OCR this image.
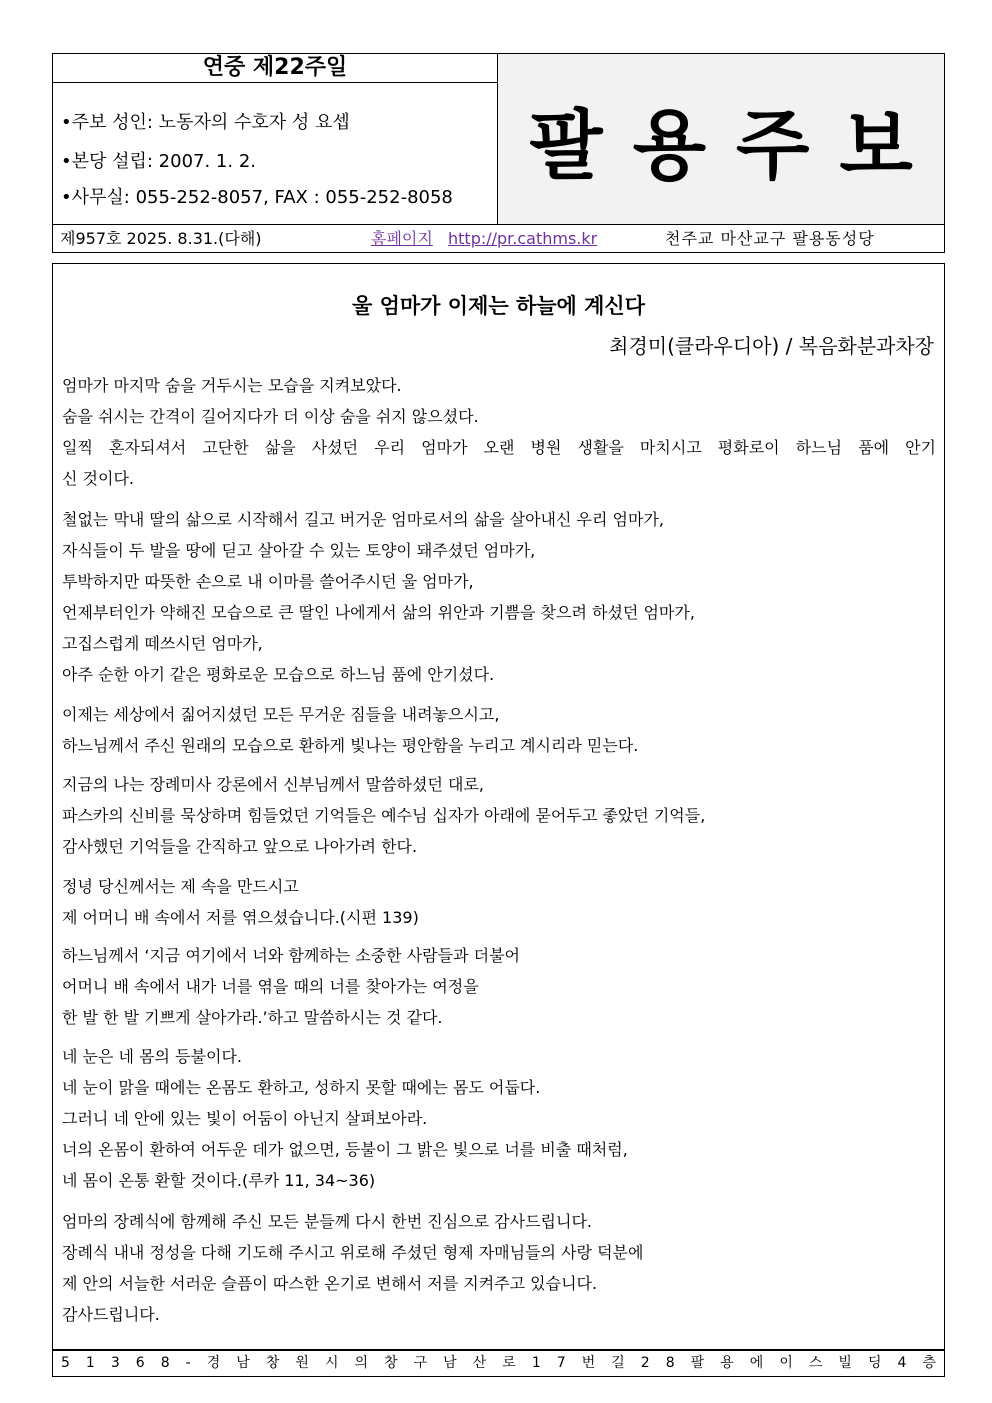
연중 제22주일
•주보 성인: 노동자의 수호자 성 요셉
•본당 설립: 2007. 1. 2.
•사무실: 055-252-8057, FAX : 055-252-8058
팔용주보
제957호 2025. 8.31.(다해)	홈페이지 http://pr.cathms.kr	천주교 마산교구 팔용동성당
울 엄마가 이제는 하늘에 계신다
최경미(클라우디아) / 복음화분과차장
엄마가 마지막 숨을 거두시는 모습을 지켜보았다.
숨을 쉬시는 간격이 길어지다가 더 이상 숨을 쉬지 않으셨다.
일찍 혼자되셔서 고단한 삶을 사셨던 우리 엄마가 오랜 병원 생활을 마치시고 평화로이 하느님 품에 안기
신 것이다.
철없는 막내 딸의 삶으로 시작해서 길고 버거운 엄마로서의 삶을 살아내신 우리 엄마가,
자식들이 두 발을 땅에 딛고 살아갈 수 있는 토양이 돼주셨던 엄마가,
투박하지만 따뜻한 손으로 내 이마를 쓸어주시던 울 엄마가,
언제부터인가 약해진 모습으로 큰 딸인 나에게서 삶의 위안과 기쁨을 찾으려 하셨던 엄마가,
고집스럽게 떼쓰시던 엄마가,
아주 순한 아기 같은 평화로운 모습으로 하느님 품에 안기셨다.
이제는 세상에서 짊어지셨던 모든 무거운 짐들을 내려놓으시고,
하느님께서 주신 원래의 모습으로 환하게 빛나는 평안함을 누리고 계시리라 믿는다.
지금의 나는 장례미사 강론에서 신부님께서 말씀하셨던 대로,
파스카의 신비를 묵상하며 힘들었던 기억들은 예수님 십자가 아래에 묻어두고 좋았던 기억들,
감사했던 기억들을 간직하고 앞으로 나아가려 한다.
정녕 당신께서는 제 속을 만드시고
제 어머니 배 속에서 저를 엮으셨습니다.(시편 139)
하느님께서 ‘지금 여기에서 너와 함께하는 소중한 사람들과 더불어
어머니 배 속에서 내가 너를 엮을 때의 너를 찾아가는 여정을
한 발 한 발 기쁘게 살아가라.’하고 말씀하시는 것 같다.
네 눈은 네 몸의 등불이다.
네 눈이 맑을 때에는 온몸도 환하고, 성하지 못할 때에는 몸도 어둡다.
그러니 네 안에 있는 빛이 어둠이 아닌지 살펴보아라.
너의 온몸이 환하여 어두운 데가 없으면, 등불이 그 밝은 빛으로 너를 비출 때처럼,
네 몸이 온통 환할 것이다.(루카 11, 34~36)
엄마의 장례식에 함께해 주신 모든 분들께 다시 한번 진심으로 감사드립니다.
장례식 내내 정성을 다해 기도해 주시고 위로해 주셨던 형제 자매님들의 사랑 덕분에
제 안의 서늘한 서러운 슬픔이 따스한 온기로 변해서 저를 지켜주고 있습니다.
감사드립니다.
5 1 3 6 8 - 경 남 창 원 시 의 창 구 남 산 로 1 7 번 길 2 8 팔 용 에 이 스 빌 딩 4 층
